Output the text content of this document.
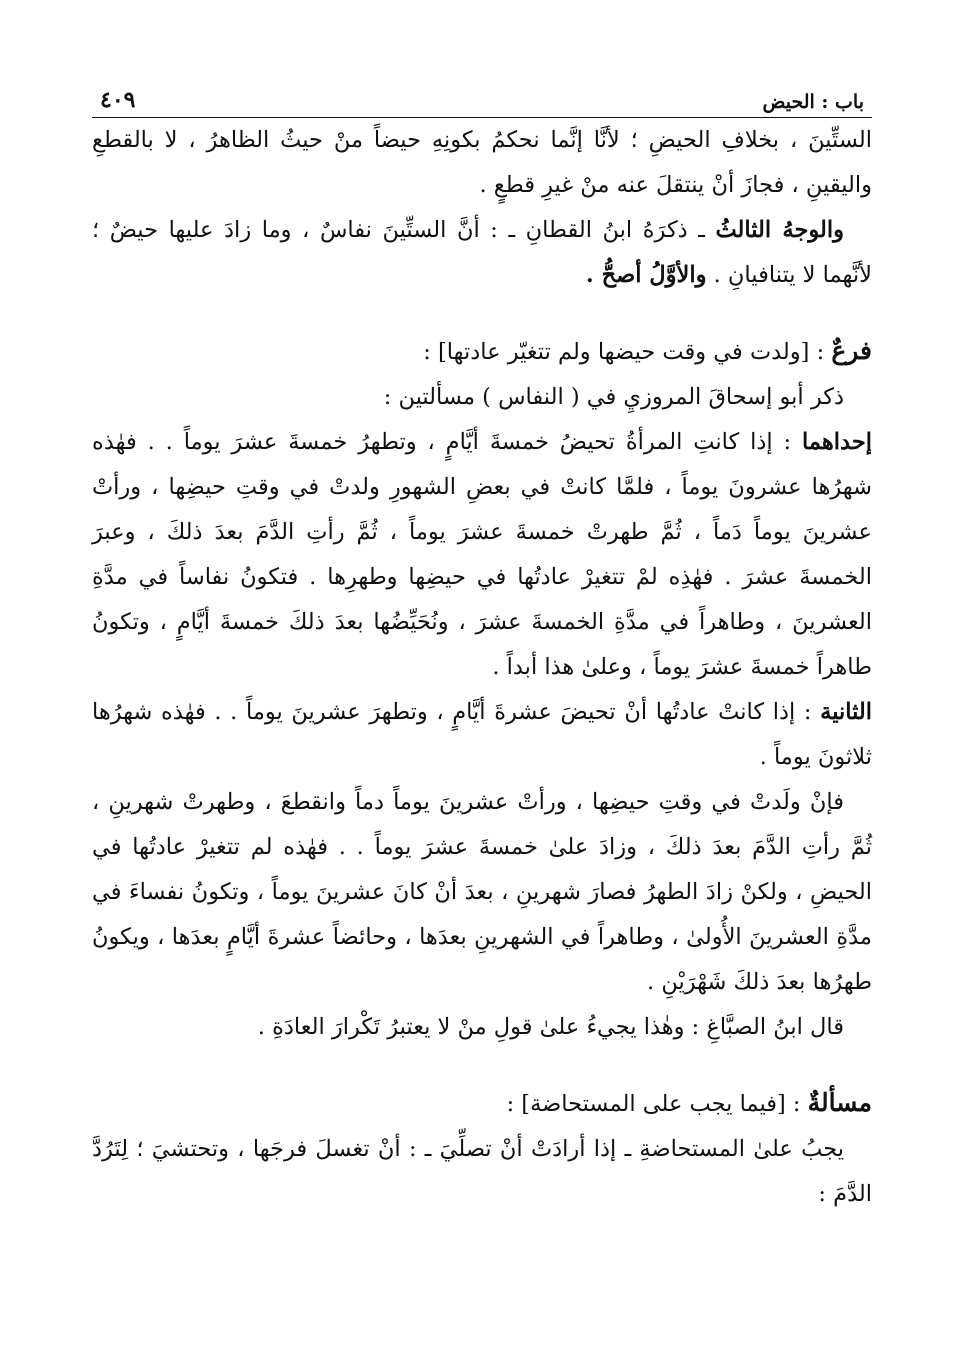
باب : الحيض
٤٠٩

الستِّينَ ، بخلافِ الحيضِ ؛ لأنَّا إنَّما نحكمُ بكونِهِ حيضاً منْ حيثُ الظاهرُ ، لا بالقطعِ واليقينِ ، فجازَ أنْ ينتقلَ عنه منْ غيرِ قطعٍ .

والوجهُ الثالثُ ـ ذكرَهُ ابنُ القطانِ ـ : أنَّ الستِّينَ نفاسٌ ، وما زادَ عليها حيضٌ ؛ لأنَّهما لا يتنافيانِ . والأوَّلُ أصحُّ .

فرعٌ : [ولدت في وقت حيضها ولم تتغيّر عادتها] :

ذكر أبو إسحاقَ المروزيِ في ( النفاس ) مسألتين :

إحداهما : إذا كانتِ المرأةُ تحيضُ خمسةَ أيَّامٍ ، وتطهرُ خمسةَ عشرَ يوماً . . فهٰذه شهرُها عشرونَ يوماً ، فلمَّا كانتْ في بعضِ الشهورِ ولدتْ في وقتِ حيضِها ، ورأتْ عشرينَ يوماً دَماً ، ثُمَّ طهرتْ خمسةَ عشرَ يوماً ، ثُمَّ رأتِ الدَّمَ بعدَ ذلكَ ، وعبرَ الخمسةَ عشرَ . فهٰذِه لمْ تتغيرْ عادتُها في حيضِها وطهرِها . فتكونُ نفاساً في مدَّةِ العشرينَ ، وطاهراً في مدَّةِ الخمسةَ عشرَ ، ونُحَيِّضُها بعدَ ذلكَ خمسةَ أيَّامٍ ، وتكونُ طاهراً خمسةَ عشرَ يوماً ، وعلىٰ هذا أبداً .

الثانية : إذا كانتْ عادتُها أنْ تحيضَ عشرةَ أيَّامٍ ، وتطهرَ عشرينَ يوماً . . فهٰذه شهرُها ثلاثونَ يوماً .

فإنْ ولَدتْ في وقتِ حيضِها ، ورأتْ عشرينَ يوماً دماً وانقطعَ ، وطهرتْ شهرينِ ، ثُمَّ رأتِ الدَّمَ بعدَ ذلكَ ، وزادَ علىٰ خمسةَ عشرَ يوماً . . فهٰذه لم تتغيرْ عادتُها في الحيضِ ، ولكنْ زادَ الطهرُ فصارَ شهرينِ ، بعدَ أنْ كانَ عشرينَ يوماً ، وتكونُ نفساءَ في مدَّةِ العشرينَ الأُولىٰ ، وطاهراً في الشهرينِ بعدَها ، وحائضاً عشرةَ أيَّامٍ بعدَها ، ويكونُ طهرُها بعدَ ذلكَ شَهْرَيْنِ .

قال ابنُ الصبَّاغِ : وهٰذا يجيءُ علىٰ قولِ منْ لا يعتبرُ تَكْرارَ العادَةِ .

مسألةٌ : [فيما يجب على المستحاضة] :

يجبُ علىٰ المستحاضةِ ـ إذا أرادَتْ أنْ تصلِّيَ ـ : أنْ تغسلَ فرجَها ، وتحتشيَ ؛ لِتَرُدَّ الدَّمَ :
